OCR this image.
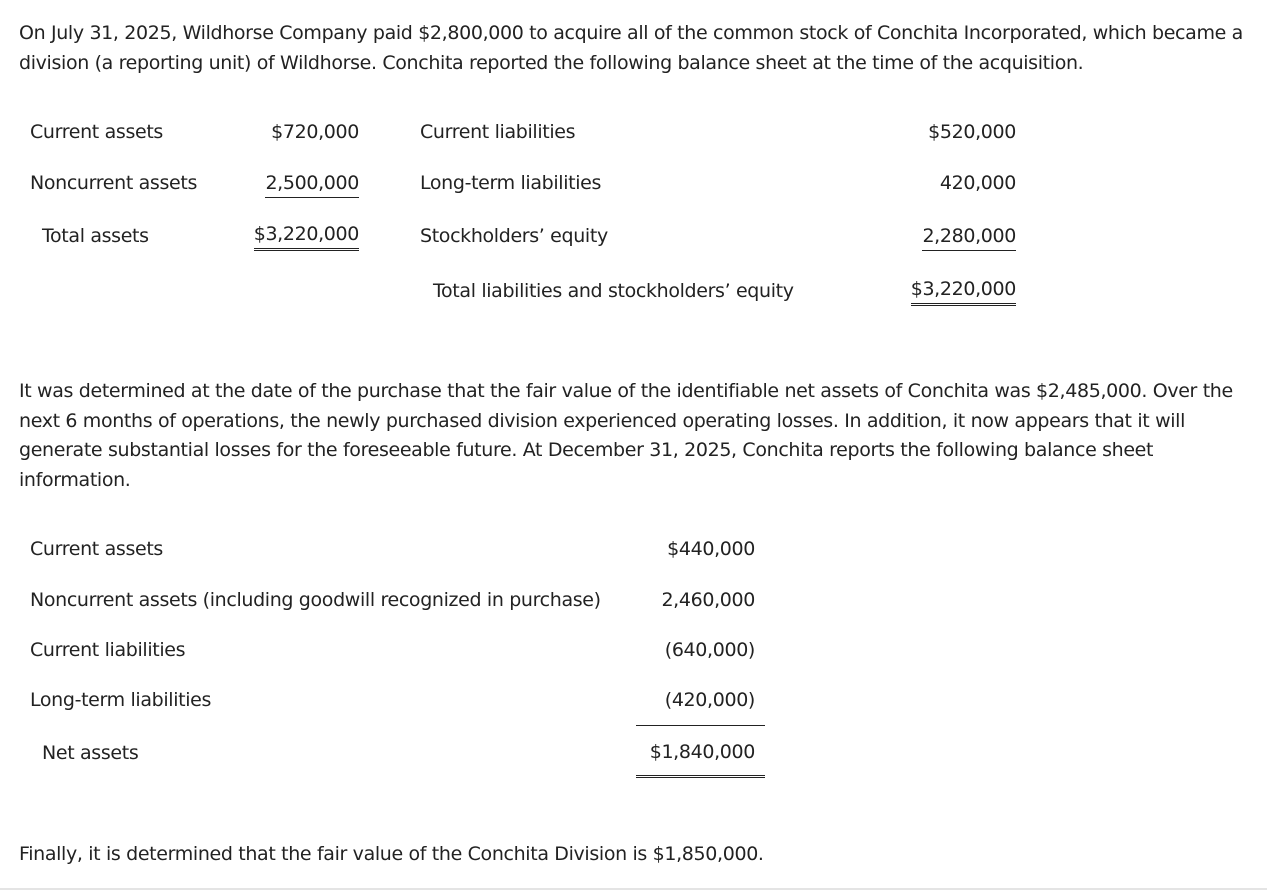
On July 31, 2025, Wildhorse Company paid $2,800,000 to acquire all of the common stock of Conchita Incorporated, which became a division (a reporting unit) of Wildhorse. Conchita reported the following balance sheet at the time of the acquisition.

Current assets	$720,000
Noncurrent assets	2,500,000
Total assets	$3,220,000
Current liabilities	$520,000
Long-term liabilities	420,000
Stockholders’ equity	2,280,000
Total liabilities and stockholders’ equity	$3,220,000

It was determined at the date of the purchase that the fair value of the identifiable net assets of Conchita was $2,485,000. Over the next 6 months of operations, the newly purchased division experienced operating losses. In addition, it now appears that it will generate substantial losses for the foreseeable future. At December 31, 2025, Conchita reports the following balance sheet information.

Current assets	$440,000
Noncurrent assets (including goodwill recognized in purchase)	2,460,000
Current liabilities	(640,000)
Long-term liabilities	(420,000)
Net assets	$1,840,000

Finally, it is determined that the fair value of the Conchita Division is $1,850,000.
